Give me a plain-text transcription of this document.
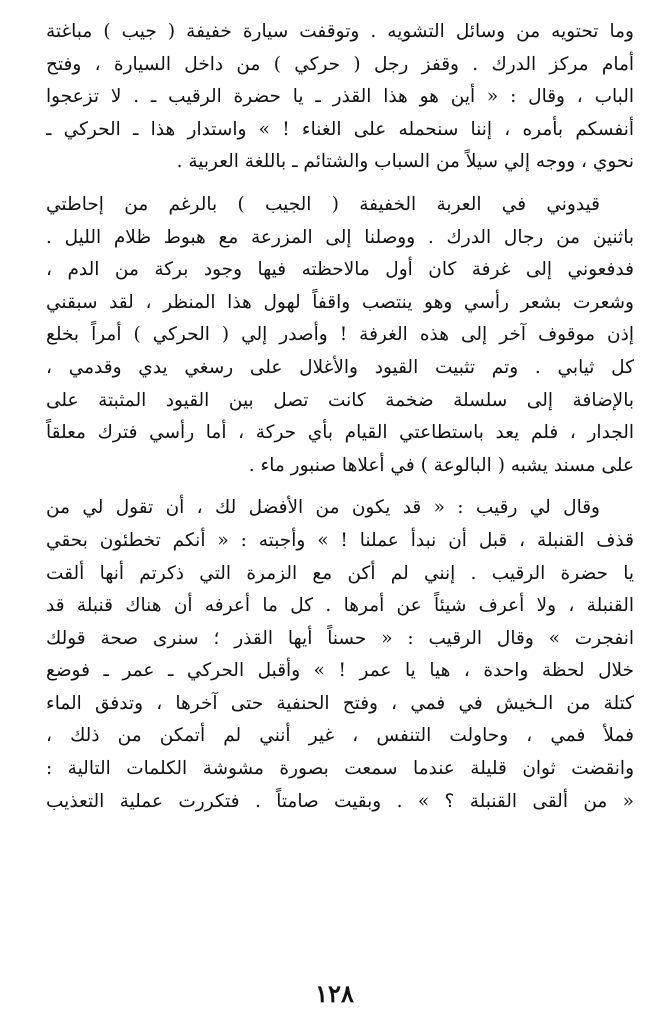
وما تحتويه من وسائل التشويه . وتوقفت سيارة خفيفة ( جيب ) مباغتة
أمام مركز الدرك . وقفز رجل ( حركي ) من داخل السيارة ، وفتح
الباب ، وقال : « أين هو هذا القذر ـ يا حضرة الرقيب ـ . لا تزعجوا
أنفسكم بأمره ، إننا سنحمله على الغناء ! » واستدار هذا ـ الحركي ـ
نحوي ، ووجه إلي سيلاً من السباب والشتائم ـ باللغة العربية .
قيدوني في العربة الخفيفة ( الجيب ) بالرغم من إحاطتي
باثنين من رجال الدرك . ووصلنا إلى المزرعة مع هبوط ظلام الليل .
فدفعوني إلى غرفة كان أول مالاحظته فيها وجود بركة من الدم ،
وشعرت بشعر رأسي وهو ينتصب واقفاً لهول هذا المنظر ، لقد سبقني
إذن موقوف آخر إلى هذه الغرفة ! وأصدر إلي ( الحركي ) أمراً بخلع
كل ثيابي . وتم تثبيت القيود والأغلال على رسغي يدي وقدمي ،
بالإضافة إلى سلسلة ضخمة كانت تصل بين القيود المثبتة على
الجدار ، فلم يعد باستطاعتي القيام بأي حركة ، أما رأسي فترك معلقاً
على مسند يشبه ( البالوعة ) في أعلاها صنبور ماء .
وقال لي رقيب : « قد يكون من الأفضل لك ، أن تقول لي من
قذف القنبلة ، قبل أن نبدأ عملنا ! » وأجبته : « أنكم تخطئون بحقي
يا حضرة الرقيب . إنني لم أكن مع الزمرة التي ذكرتم أنها ألقت
القنبلة ، ولا أعرف شيئاً عن أمرها . كل ما أعرفه أن هناك قنبلة قد
انفجرت » وقال الرقيب : « حسناً أيها القذر ؛ سنرى صحة قولك
خلال لحظة واحدة ، هيا يا عمر ! » وأقبل الحركي ـ عمر ـ فوضع
كتلة من الـخيش في فمي ، وفتح الحنفية حتى آخرها ، وتدفق الماء
فملأ فمي ، وحاولت التنفس ، غير أنني لم أتمكن من ذلك ،
وانقضت ثوان قليلة عندما سمعت بصورة مشوشة الكلمات التالية :
« من ألقى القنبلة ؟ » . وبقيت صامتاً . فتكررت عملية التعذيب
١٢٨
